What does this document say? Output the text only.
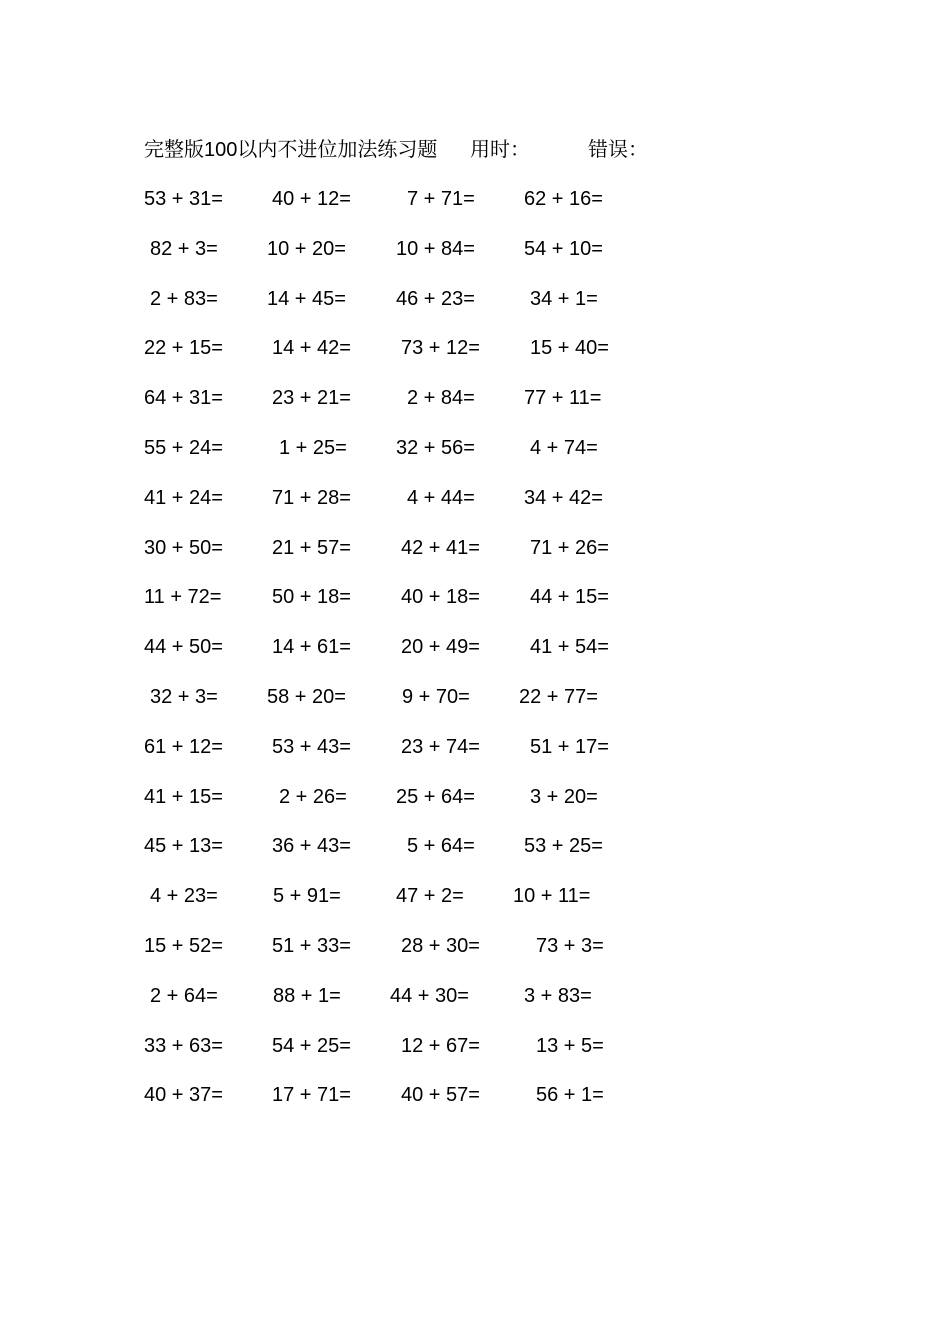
完整版100以内不进位加法练习题 用时：	错误：
53 + 31= 40 + 12=	7 + 71= 62 + 16=
82 + 3= 10 + 20=	10 + 84= 54 + 10=
2 + 83= 14 + 45=	46 + 23=	34 + 1=
22 + 15= 14 + 42=	73 + 12=	15 + 40=
64 + 31= 23 + 21=	2 + 84= 77 + 11=
55 + 24=	1 + 25= 32 + 56=	4 + 74=
41 + 24= 71 + 28=	4 + 44= 34 + 42=
30 + 50= 21 + 57=	42 + 41=	71 + 26=
11 + 72=	50 + 18=	40 + 18=	44 + 15=
44 + 50= 14 + 61=	20 + 49=	41 + 54=
32 + 3= 58 + 20=	9 + 70= 22 + 77=
61 + 12= 53 + 43=	23 + 74=	51 + 17=
41 + 15=	2 + 26= 25 + 64=	3 + 20=
45 + 13= 36 + 43=	5 + 64= 53 + 25=
4 + 23=	5 + 91=	47 + 2= 10 + 11=
15 + 52= 51 + 33=	28 + 30=	73 + 3=
2 + 64=	88 + 1= 44 + 30=	3 + 83=
33 + 63= 54 + 25=	12 + 67=	13 + 5=
40 + 37= 17 + 71=	40 + 57=	56 + 1=
